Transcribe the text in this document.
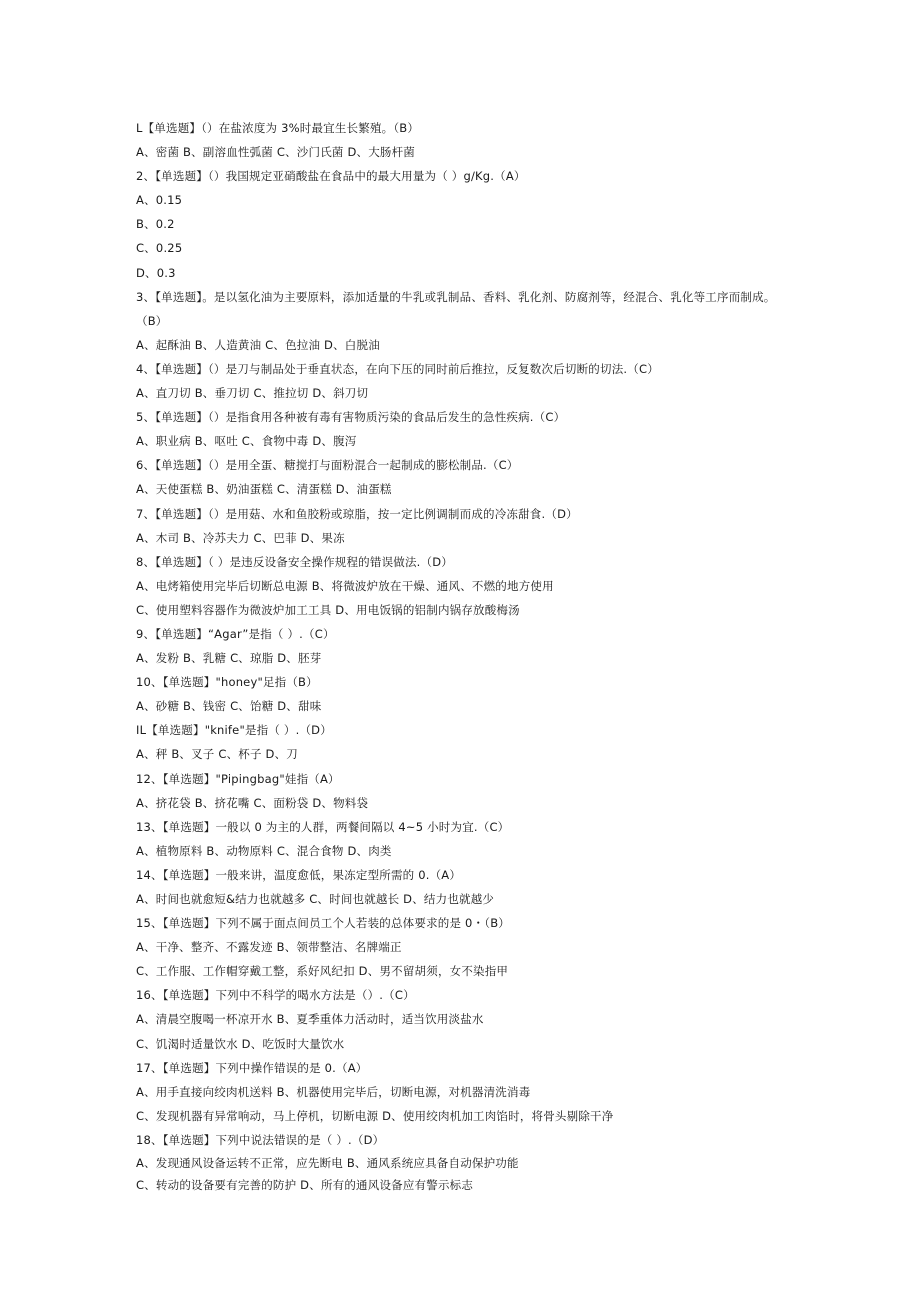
L【单选题】（）在盐浓度为 3%时最宜生长繁殖。（B）
A、密菌 B、副溶血性弧菌 C、沙门氏菌 D、大肠杆菌
2、【单选题】（）我国规定亚硝酸盐在食品中的最大用量为（ ）g∕Kg.（A）
A、0.15
B、0.2
C、0.25
D、0.3
3、【单选题】。是以氢化油为主要原料，添加适量的牛乳或乳制品、香料、乳化剂、防腐剂等，经混合、乳化等工序而制成。
（B）
A、起酥油 B、人造黄油 C、色拉油 D、白脱油
4、【单选题】（）是刀与制品处于垂直状态，在向下压的同时前后推拉，反复数次后切断的切法.（C）
A、直刀切 B、垂刀切 C、推拉切 D、斜刀切
5、【单选题】（）是指食用各种被有毒有害物质污染的食品后发生的急性疾病.（C）
A、职业病 B、呕吐 C、食物中毒 D、腹泻
6、【单选题】（）是用全蛋、糖搅打与面粉混合一起制成的膨松制品.（C）
A、天使蛋糕 B、奶油蛋糕 C、清蛋糕 D、油蛋糕
7、【单选题】（）是用菇、水和鱼胶粉或琼脂，按一定比例调制而成的冷冻甜食.（D）
A、木司 B、冷苏夫力 C、巴菲 D、果冻
8、【单选题】（ ）是违反设备安全操作规程的错误做法.（D）
A、电烤箱使用完毕后切断总电源 B、将微波炉放在干燥、通风、不燃的地方使用
C、使用塑料容器作为微波炉加工工具 D、用电饭锅的铝制内锅存放酸梅汤
9、【单选题】“Agar”是指（ ）.（C）
A、发粉 B、乳糖 C、琼脂 D、胚芽
10、【单选题】"honey"足指（B）
A、砂糖 B、钱密 C、饴糖 D、甜味
IL【单选题】"knife"是指（ ）.（D）
A、秤 B、叉子 C、杯子 D、刀
12、【单选题】"Pipingbag"娃指（A）
A、挤花袋 B、挤花嘴 C、面粉袋 D、物料袋
13、【单选题】一般以 0 为主的人群，两餐间隔以 4~5 小时为宜.（C）
A、植物原料 B、动物原料 C、混合食物 D、肉类
14、【单选题】一般来讲，温度愈低，果冻定型所需的 0.（A）
A、时间也就愈短&结力也就越多 C、时间也就越长 D、结力也就越少
15、【单选题】下列不属于面点间员工个人若装的总体要求的是 0・（B）
A、干净、整齐、不露发迹 B、领带整洁、名牌端正
C、工作服、工作帽穿戴工整，系好风纪扣 D、男不留胡须，女不染指甲
16、【单选题】下列中不科学的喝水方法是（）.（C）
A、清晨空腹喝一杯凉开水 B、夏季重体力活动时，适当饮用淡盐水
C、饥渴时适量饮水 D、吃饭时大量饮水
17、【单选题】下列中操作错误的是 0.（A）
A、用手直接向绞肉机送料 B、机器使用完毕后，切断电源，对机器清洗消毒
C、发现机器有异常响动，马上停机，切断电源 D、使用绞肉机加工肉馅时，将骨头剔除干净
18、【单选题】下列中说法错误的是（ ）.（D）
A、发现通风设备运转不正常，应先断电 B、通风系统应具备自动保护功能
C、转动的设备要有完善的防护 D、所有的通风设备应有警示标志
